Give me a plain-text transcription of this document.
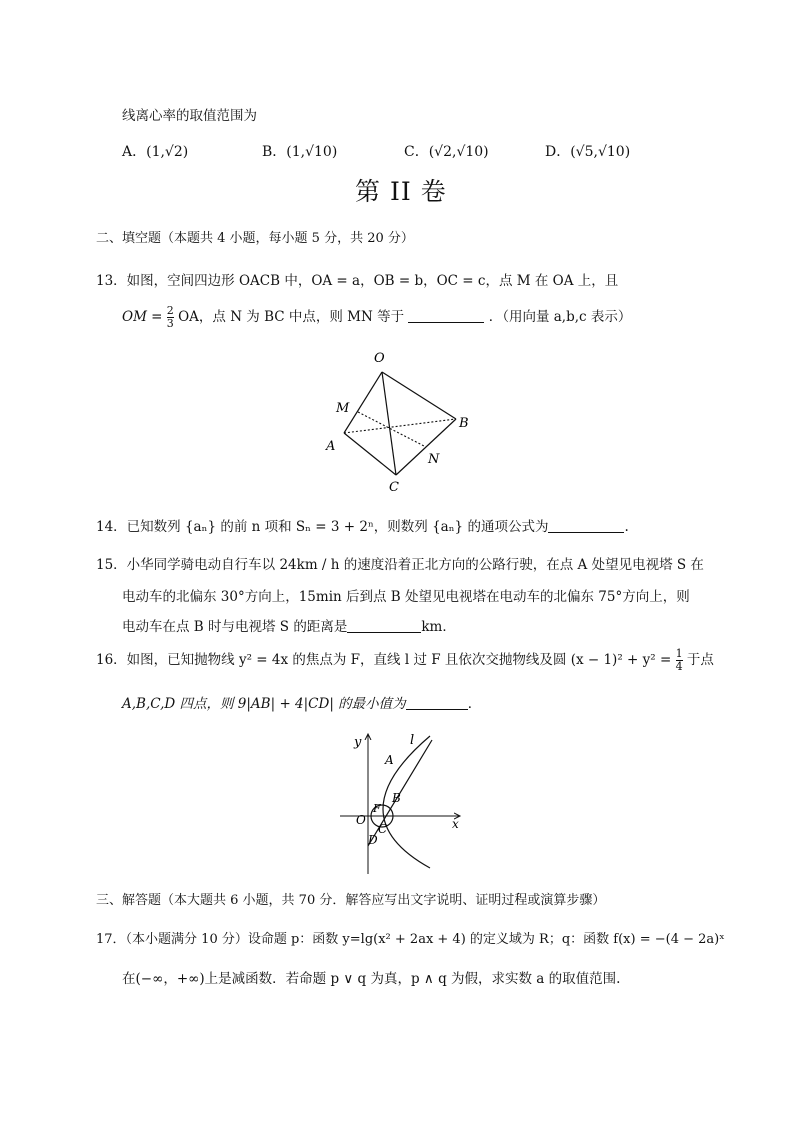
线离心率的取值范围为
A．(1,√2)	B．(1,√10)	C．(√2,√10)	D．(√5,√10)
第 II 卷
二、填空题（本题共 4 小题，每小题 5 分，共 20 分）
13．如图，空间四边形 OACB 中，OA = a，OB = b，OC = c，点 M 在 OA 上，且
OM = $\frac{2}{3}$ OA，点 N 为 BC 中点，则 MN 等于	．（用向量 a,b,c 表示）
O
M
A
B
N
C
14．已知数列 {aₙ} 的前 n 项和 Sₙ = 3 + 2ⁿ，则数列 {aₙ} 的通项公式为	.
15．小华同学骑电动自行车以 24km / h 的速度沿着正北方向的公路行驶，在点 A 处望见电视塔 S 在
电动车的北偏东 30°方向上，15min 后到点 B 处望见电视塔在电动车的北偏东 75°方向上，则
电动车在点 B 时与电视塔 S 的距离是	km．
16．如图，已知抛物线 y² = 4x 的焦点为 F，直线 l 过 F 且依次交抛物线及圆 $(x - 1)^2 + y^2 = \frac{1}{4}$ 于点
A,B,C,D 四点，则 9|AB| + 4|CD| 的最小值为	．
y	l
A
B
F
O
C
D
x
三、解答题（本大题共 6 小题，共 70 分．解答应写出文字说明、证明过程或演算步骤）
17．（本小题满分 10 分）设命题 p：函数 y=lg(x² + 2ax + 4) 的定义域为 R；q：函数 f(x) = −(4 − 2a)ˣ
在(−∞，+∞)上是减函数．若命题 p ∨ q 为真，p ∧ q 为假，求实数 a 的取值范围.
